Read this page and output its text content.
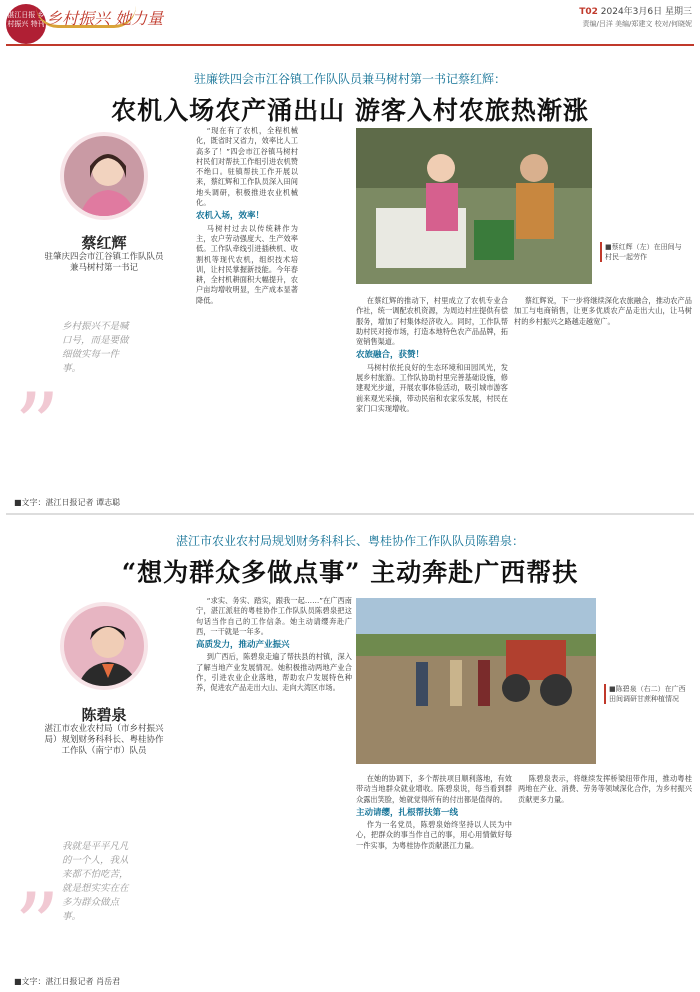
湛江日报 乡村振兴 特刊 乡村振兴 她力量	T02 2024年3月6日 星期三
责编/吕洋 美编/郑建文 校对/何晓妮
驻廉铁四会市江谷镇工作队队员兼马树村第一书记蔡红辉：
农机入场农产涌出山 游客入村农旅热渐涨
蔡红辉
驻肇庆四会市江谷镇工作队队员兼马树村第一书记
乡村振兴不是喊口号，而是要做细做实每一件事。
”
■文字：湛江日报记者 谭志聪

“现在有了农机，全程机械化，既省时又省力，效率比人工高多了！”四会市江谷镇马树村村民们对帮扶工作组引进农机赞不绝口。驻镇帮扶工作开展以来，蔡红辉和工作队员深入田间地头调研，积极推进农业机械化。

农机入场，效率！

马树村过去以传统耕作为主，农户劳动强度大、生产效率低。工作队牵线引进插秧机、收割机等现代农机，组织技术培训，让村民掌握新技能。今年春耕，全村机耕面积大幅提升，农户亩均增收明显，生产成本显著降低。

■蔡红辉（左）在田间与村民一起劳作

在蔡红辉的推动下，村里成立了农机专业合作社，统一调配农机资源，为周边村庄提供有偿服务，增加了村集体经济收入。同时，工作队帮助村民对接市场，打造本地特色农产品品牌，拓宽销售渠道。

农旅融合，获赞！

马树村依托良好的生态环境和田园风光，发展乡村旅游。工作队协助村里完善基础设施，修建观光步道，开展农事体验活动，吸引城市游客前来观光采摘，带动民宿和农家乐发展，村民在家门口实现增收。

蔡红辉说，下一步将继续深化农旅融合，推动农产品加工与电商销售，让更多优质农产品走出大山，让马树村的乡村振兴之路越走越宽广。

湛江市农业农村局规划财务科科长、粤桂协作工作队队员陈碧泉：
“想为群众多做点事” 主动奔赴广西帮扶
陈碧泉
湛江市农业农村局（市乡村振兴局）规划财务科科长、粤桂协作工作队（南宁市）队员
我就是平平凡凡的一个人，我从来都不怕吃苦，就是想实实在在多为群众做点事。
”
■文字：湛江日报记者 肖岳君

“求实、务实、踏实，跟我一起……”在广西南宁，湛江派驻的粤桂协作工作队队员陈碧泉把这句话当作自己的工作信条。她主动请缨奔赴广西，一干就是一年多。

高质发力，推动产业振兴

到广西后，陈碧泉走遍了帮扶县的村镇，深入了解当地产业发展情况。她积极推动两地产业合作，引进农业企业落地，帮助农户发展特色种养，促进农产品走出大山、走向大湾区市场。	■陈碧泉（右二）在广西田间调研甘蔗种植情况

在她的协调下，多个帮扶项目顺利落地，有效带动当地群众就业增收。陈碧泉说，每当看到群众露出笑脸，她就觉得所有的付出都是值得的。

主动请缨，扎根帮扶第一线

作为一名党员，陈碧泉始终坚持以人民为中心，把群众的事当作自己的事，用心用情做好每一件实事，为粤桂协作贡献湛江力量。

陈碧泉表示，将继续发挥桥梁纽带作用，推动粤桂两地在产业、消费、劳务等领域深化合作，为乡村振兴贡献更多力量。
